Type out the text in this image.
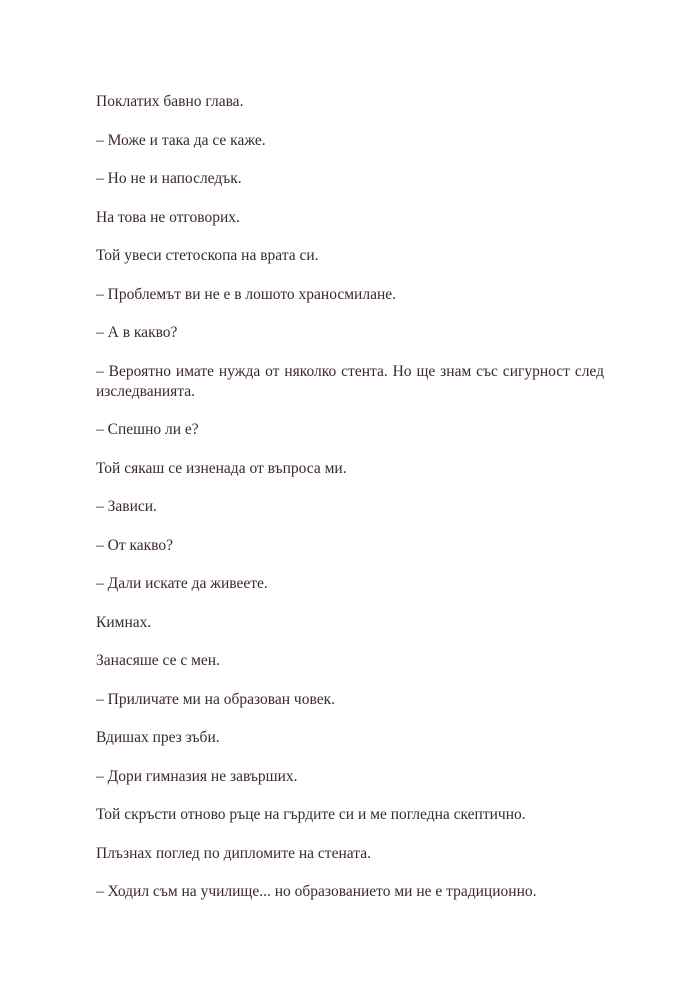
Поклатих бавно глава.

– Може и така да се каже.

– Но не и напоследък.

На това не отговорих.

Той увеси стетоскопа на врата си.

– Проблемът ви не е в лошото храносмилане.

– А в какво?

– Вероятно имате нужда от няколко стента. Но ще знам със сигурност след изследванията.

– Спешно ли е?

Той сякаш се изненада от въпроса ми.

– Зависи.

– От какво?

– Дали искате да живеете.

Кимнах.

Занасяше се с мен.

– Приличате ми на образован човек.

Вдишах през зъби.

– Дори гимназия не завърших.

Той скръсти отново ръце на гърдите си и ме погледна скептично.

Плъзнах поглед по дипломите на стената.

– Ходил съм на училище... но образованието ми не е традиционно.
